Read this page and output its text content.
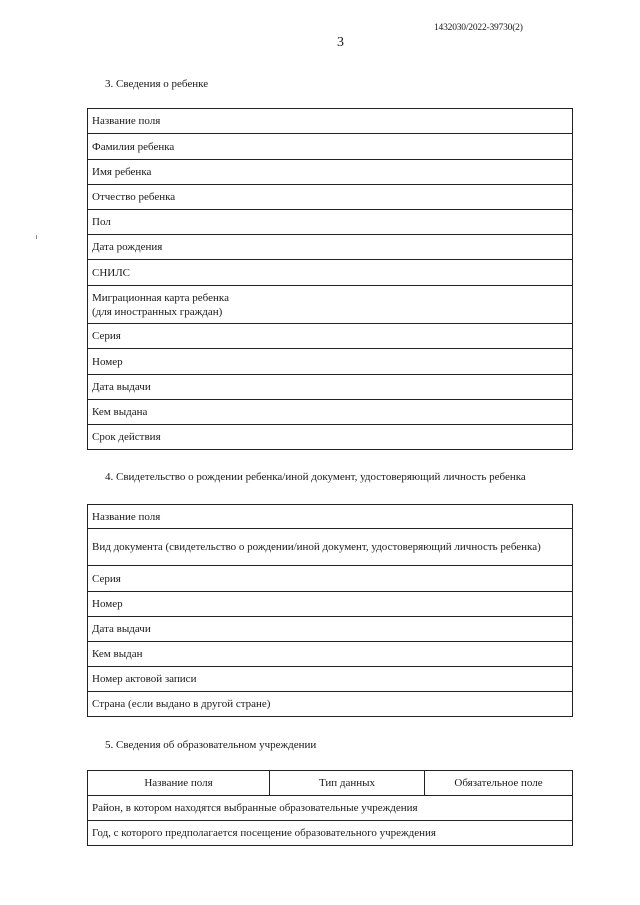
1432030/2022-39730(2)
3
3. Сведения о ребенке
Название поля
Фамилия ребенка
Имя ребенка
Отчество ребенка
Пол
Дата рождения
СНИЛС
Миграционная карта ребенка
(для иностранных граждан)
Серия
Номер
Дата выдачи
Кем выдана
Срок действия
4. Свидетельство о рождении ребенка/иной документ, удостоверяющий личность ребенка
Название поля
Вид документа (свидетельство о рождении/иной документ, удостоверяющий личность ребенка)
Серия
Номер
Дата выдачи
Кем выдан
Номер актовой записи
Страна (если выдано в другой стране)
5. Сведения об образовательном учреждении
Название поля	Тип данных	Обязательное поле
Район, в котором находятся выбранные образовательные учреждения
Год, с которого предполагается посещение образовательного учреждения
